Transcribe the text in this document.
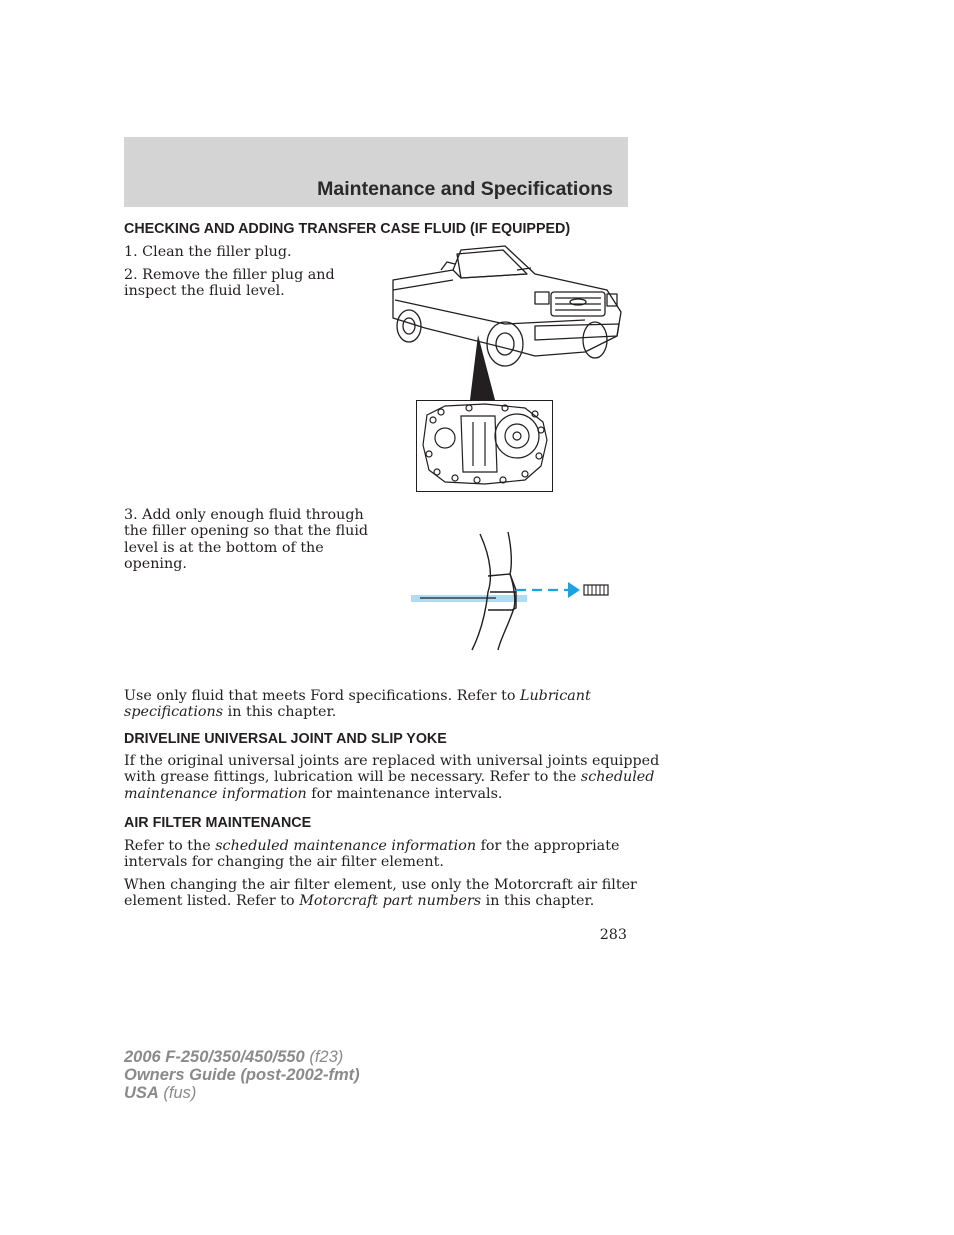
Maintenance and Specifications
CHECKING AND ADDING TRANSFER CASE FLUID (IF EQUIPPED)
1. Clean the filler plug.
2. Remove the filler plug and
inspect the fluid level.
3. Add only enough fluid through
the filler opening so that the fluid
level is at the bottom of the
opening.
Use only fluid that meets Ford specifications. Refer to Lubricant
specifications in this chapter.
DRIVELINE UNIVERSAL JOINT AND SLIP YOKE
If the original universal joints are replaced with universal joints equipped
with grease fittings, lubrication will be necessary. Refer to the scheduled
maintenance information for maintenance intervals.
AIR FILTER MAINTENANCE
Refer to the scheduled maintenance information for the appropriate
intervals for changing the air filter element.
When changing the air filter element, use only the Motorcraft air filter
element listed. Refer to Motorcraft part numbers in this chapter.
283
2006 F-250/350/450/550 (f23)
Owners Guide (post-2002-fmt)
USA (fus)
